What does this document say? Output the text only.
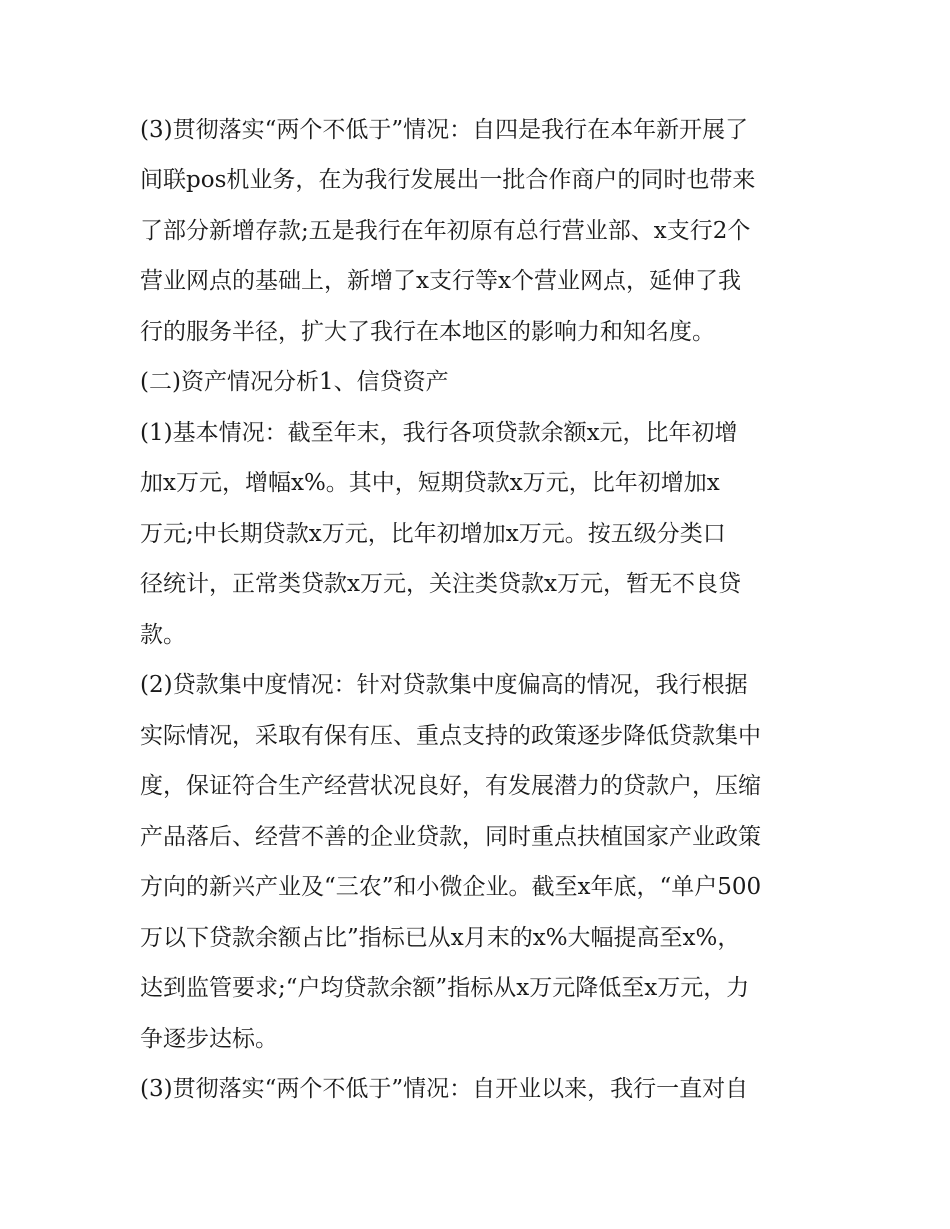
(3)贯彻落实“两个不低于”情况：自四是我行在本年新开展了
间联pos机业务，在为我行发展出一批合作商户的同时也带来
了部分新增存款;五是我行在年初原有总行营业部、x支行2个
营业网点的基础上，新增了x支行等x个营业网点，延伸了我
行的服务半径，扩大了我行在本地区的影响力和知名度。
(二)资产情况分析1、信贷资产
(1)基本情况：截至年末，我行各项贷款余额x元，比年初增
加x万元，增幅x%。其中，短期贷款x万元，比年初增加x
万元;中长期贷款x万元，比年初增加x万元。按五级分类口
径统计，正常类贷款x万元，关注类贷款x万元，暂无不良贷
款。
(2)贷款集中度情况：针对贷款集中度偏高的情况，我行根据
实际情况，采取有保有压、重点支持的政策逐步降低贷款集中
度，保证符合生产经营状况良好，有发展潜力的贷款户，压缩
产品落后、经营不善的企业贷款，同时重点扶植国家产业政策
方向的新兴产业及“三农”和小微企业。截至x年底，“单户500
万以下贷款余额占比”指标已从x月末的x%大幅提高至x%，
达到监管要求;“户均贷款余额”指标从x万元降低至x万元，力
争逐步达标。
(3)贯彻落实“两个不低于”情况：自开业以来，我行一直对自
